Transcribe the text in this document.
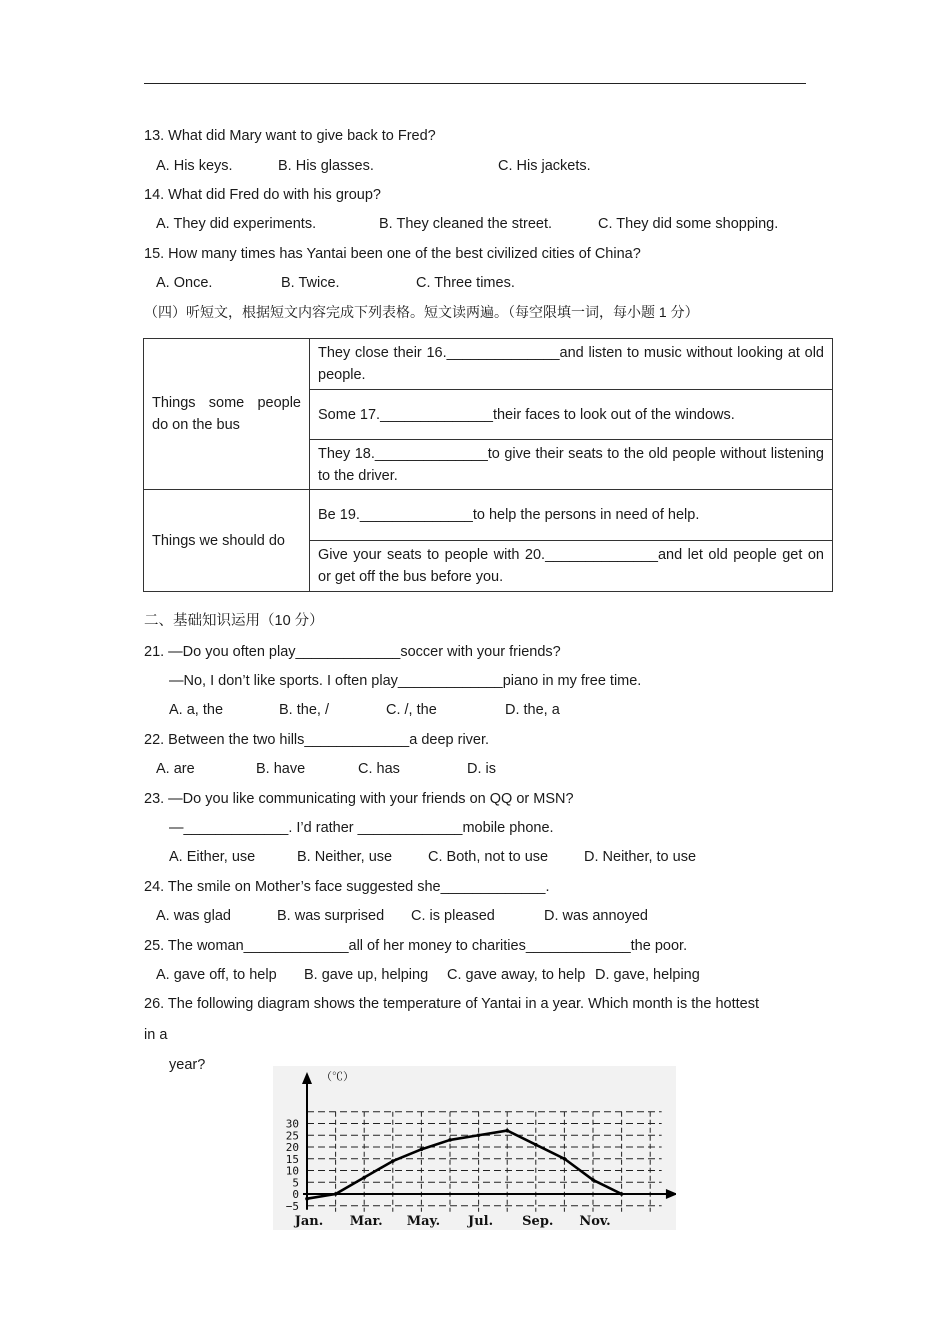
13. What did Mary want to give back to Fred?
A. His keys.	B. His glasses.	C. His jackets.
14. What did Fred do with his group?
A. They did experiments.	B. They cleaned the street.	C. They did some shopping.
15. How many times has Yantai been one of the best civilized cities of China?
A. Once.	B. Twice.	C. Three times.
（四）听短文，根据短文内容完成下列表格。短文读两遍。（每空限填一词，每小题 1 分）
Things some people do on the bus	They close their 16.______________and listen to music without looking at old people.
	Some 17.______________their faces to look out of the windows.
	They 18.______________to give their seats to the old people without listening to the driver.
Things we should do	Be 19.______________to help the persons in need of help.
	Give your seats to people with 20.______________and let old people get on or get off the bus before you.
二、基础知识运用（10 分）
21. —Do you often play_____________soccer with your friends?
—No, I don’t like sports. I often play_____________piano in my free time.
A. a, the	B. the, /	C. /, the	D. the, a
22. Between the two hills_____________a deep river.
A. are	B. have	C. has	D. is
23. —Do you like communicating with your friends on QQ or MSN?
—_____________. I’d rather _____________mobile phone.
A. Either, use	B. Neither, use C. Both, not to use D. Neither, to use
24. The smile on Mother’s face suggested she_____________.
A. was glad	B. was surprised C. is pleased	D. was annoyed
25. The woman_____________all of her money to charities_____________the poor.
A. gave off, to help B. gave up, helping C. gave away, to help D. gave, helping
26. The following diagram shows the temperature of Yantai in a year. Which month is the hottest
in a
year?
（℃）
30
25
20
15
10
5
0
−5
Jan. Mar. May. Jul. Sep. Nov.
